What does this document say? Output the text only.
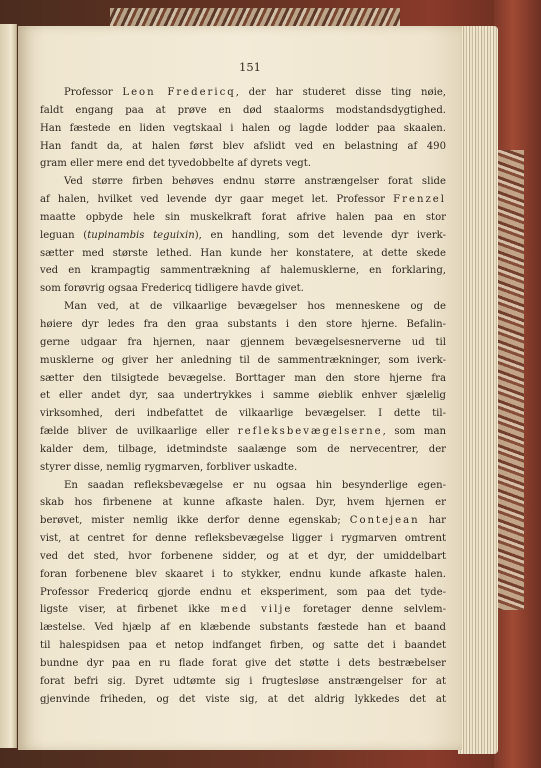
151
Professor Leon Fredericq, der har studeret disse ting nøie,
faldt engang paa at prøve en død staalorms modstandsdygtighed.
Han fæstede en liden vegtskaal i halen og lagde lodder paa skaalen.
Han fandt da, at halen først blev afslidt ved en belastning af 490
gram eller mere end det tyvedobbelte af dyrets vegt.
Ved større firben behøves endnu større anstrængelser forat slide
af halen, hvilket ved levende dyr gaar meget let. Professor Frenzel
maatte opbyde hele sin muskelkraft forat afrive halen paa en stor
leguan (tupinambis teguixin), en handling, som det levende dyr iverk-
sætter med største lethed. Han kunde her konstatere, at dette skede
ved en krampagtig sammentrækning af halemusklerne, en forklaring,
som forøvrig ogsaa Fredericq tidligere havde givet.
Man ved, at de vilkaarlige bevægelser hos menneskene og de
høiere dyr ledes fra den graa substants i den store hjerne. Befalin-
gerne udgaar fra hjernen, naar gjennem bevægelsesnerverne ud til
musklerne og giver her anledning til de sammentrækninger, som iverk-
sætter den tilsigtede bevægelse. Borttager man den store hjerne fra
et eller andet dyr, saa undertrykkes i samme øieblik enhver sjælelig
virksomhed, deri indbefattet de vilkaarlige bevægelser. I dette til-
fælde bliver de uvilkaarlige eller refleksbevægelserne, som man
kalder dem, tilbage, idetmindste saalænge som de nervecentrer, der
styrer disse, nemlig rygmarven, forbliver uskadte.
En saadan refleksbevægelse er nu ogsaa hin besynderlige egen-
skab hos firbenene at kunne afkaste halen. Dyr, hvem hjernen er
berøvet, mister nemlig ikke derfor denne egenskab; Contejean har
vist, at centret for denne refleksbevægelse ligger i rygmarven omtrent
ved det sted, hvor forbenene sidder, og at et dyr, der umiddelbart
foran forbenene blev skaaret i to stykker, endnu kunde afkaste halen.
Professor Fredericq gjorde endnu et eksperiment, som paa det tyde-
ligste viser, at firbenet ikke med vilje foretager denne selvlem-
læstelse. Ved hjælp af en klæbende substants fæstede han et baand
til halespidsen paa et netop indfanget firben, og satte det i baandet
bundne dyr paa en ru flade forat give det støtte i dets bestræbelser
forat befri sig. Dyret udtømte sig i frugtesløse anstrængelser for at
gjenvinde friheden, og det viste sig, at det aldrig lykkedes det at
